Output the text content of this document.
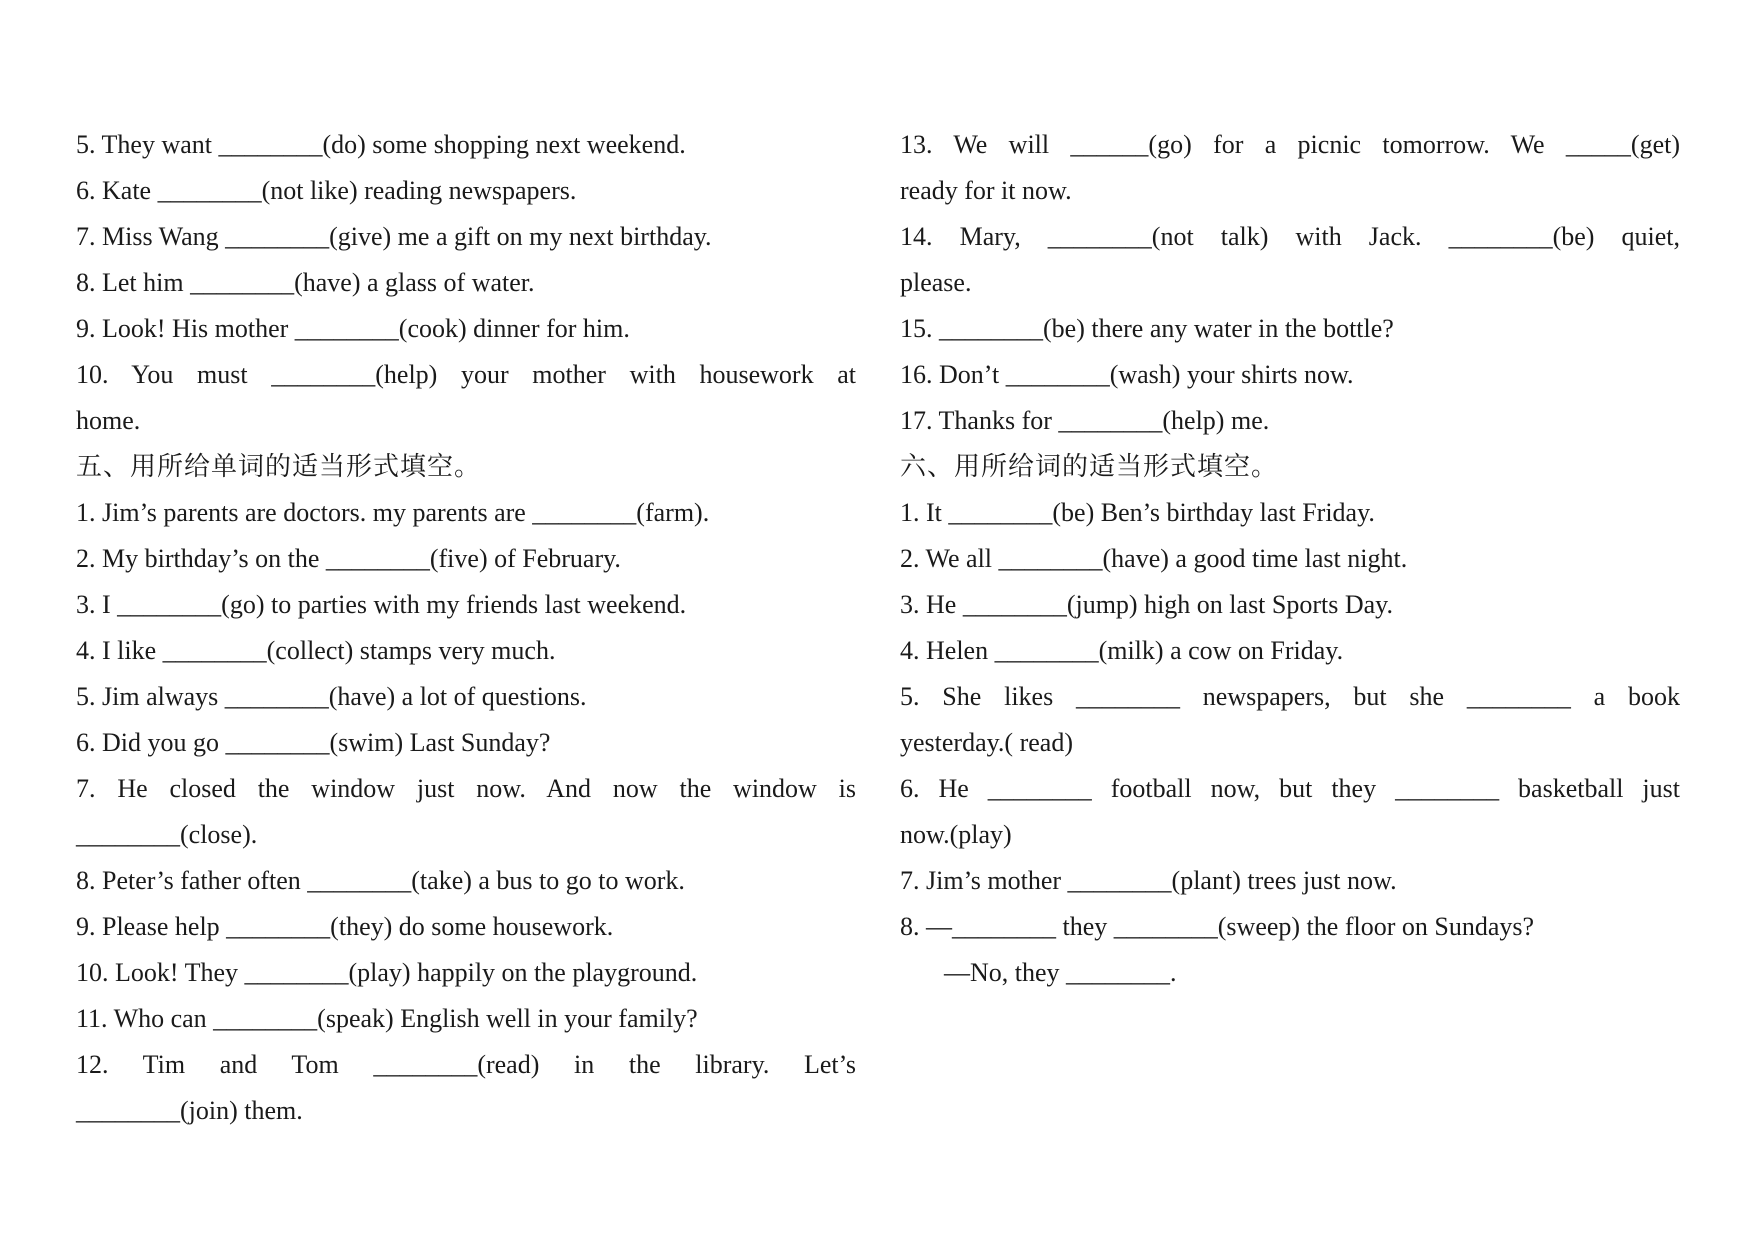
5. They want ________(do) some shopping next weekend.
6. Kate ________(not like) reading newspapers.
7. Miss Wang ________(give) me a gift on my next birthday.
8. Let him ________(have) a glass of water.
9. Look! His mother ________(cook) dinner for him.
10. You must ________(help) your mother with housework at
home.
五、用所给单词的适当形式填空。
1. Jim’s parents are doctors. my parents are ________(farm).
2. My birthday’s on the ________(five) of February.
3. I ________(go) to parties with my friends last weekend.
4. I like ________(collect) stamps very much.
5. Jim always ________(have) a lot of questions.
6. Did you go ________(swim) Last Sunday?
7. He closed the window just now. And now the window is
________(close).
8. Peter’s father often ________(take) a bus to go to work.
9. Please help ________(they) do some housework.
10. Look! They ________(play) happily on the playground.
11. Who can ________(speak) English well in your family?
12. Tim and Tom ________(read) in the library. Let’s
________(join) them.
13. We will ______(go) for a picnic tomorrow. We _____(get)
ready for it now.
14. Mary, ________(not talk) with Jack. ________(be) quiet,
please.
15. ________(be) there any water in the bottle?
16. Don’t ________(wash) your shirts now.
17. Thanks for ________(help) me.
六、用所给词的适当形式填空。
1. It ________(be) Ben’s birthday last Friday.
2. We all ________(have) a good time last night.
3. He ________(jump) high on last Sports Day.
4. Helen ________(milk) a cow on Friday.
5. She likes ________ newspapers, but she ________ a book
yesterday.( read)
6. He ________ football now, but they ________ basketball just
now.(play)
7. Jim’s mother ________(plant) trees just now.
8. —________ they ________(sweep) the floor on Sundays?
—No, they ________.
